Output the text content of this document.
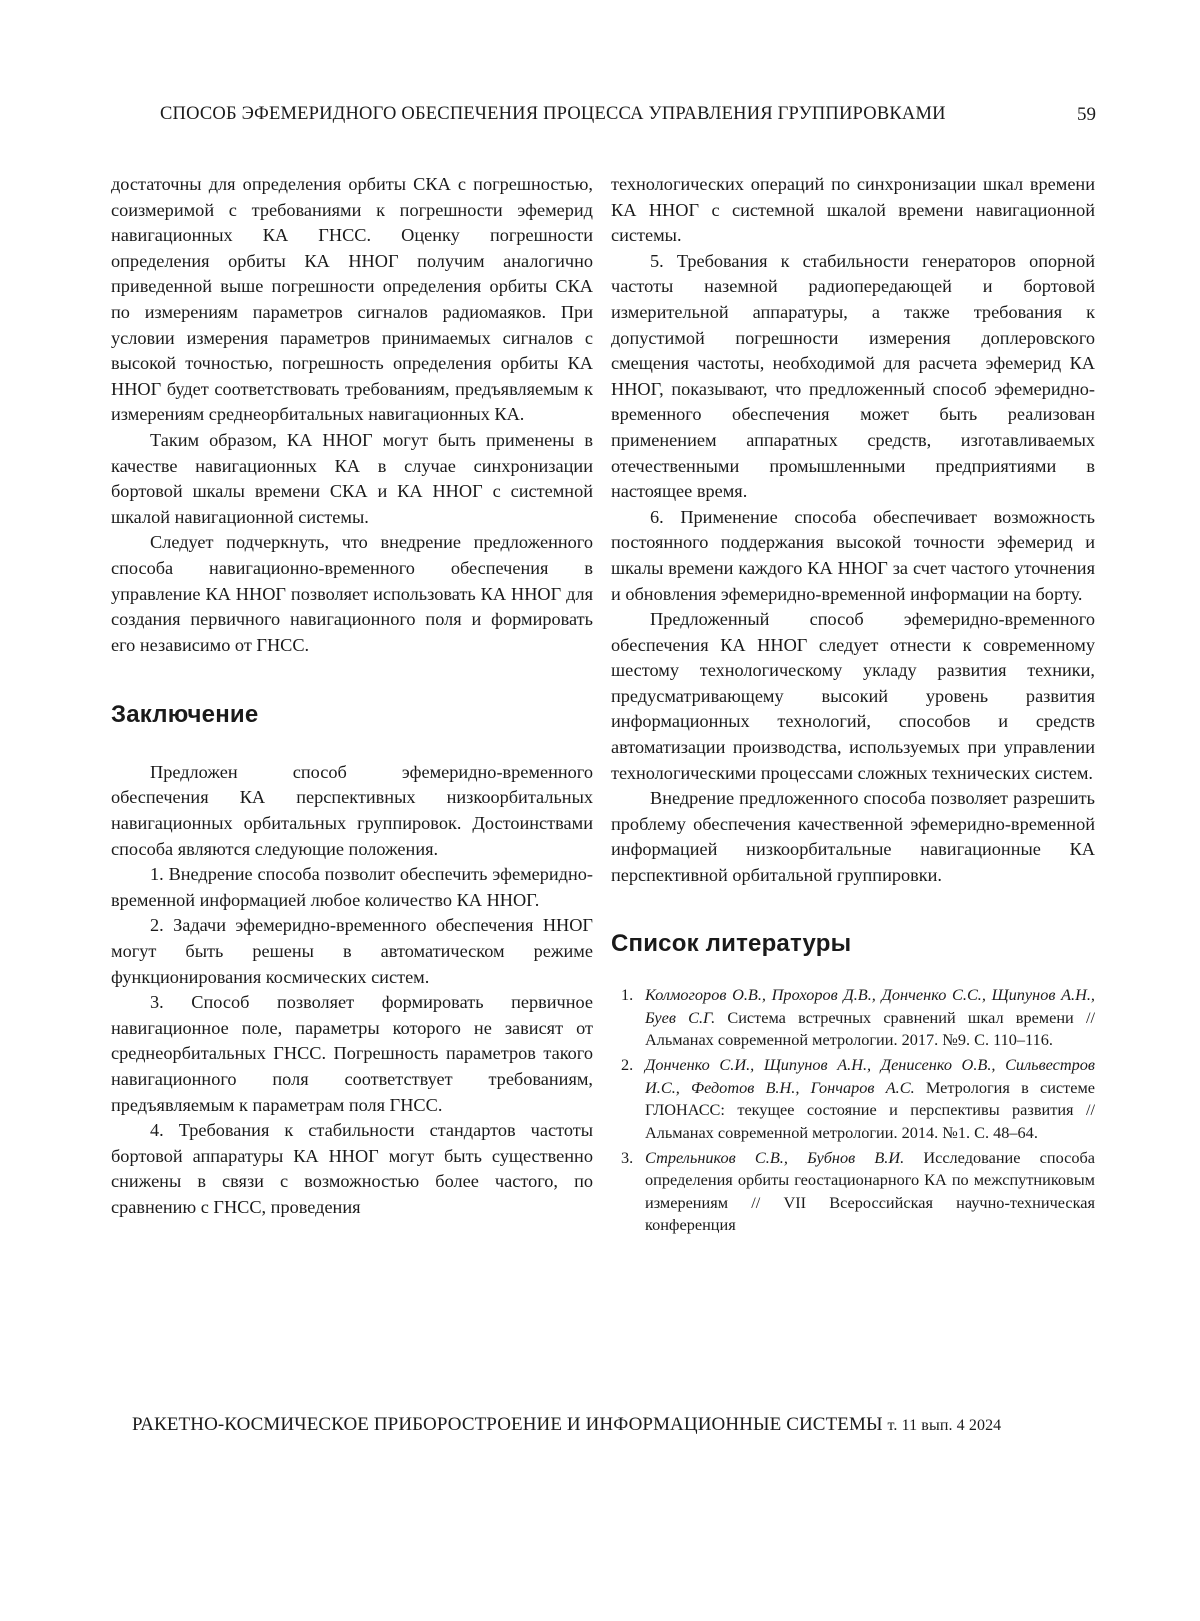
СПОСОБ ЭФЕМЕРИДНОГО ОБЕСПЕЧЕНИЯ ПРОЦЕССА УПРАВЛЕНИЯ ГРУППИРОВКАМИ	59

достаточны для определения орбиты СКА с погрешностью, соизмеримой с требованиями к погрешности эфемерид навигационных КА ГНСС. Оценку погрешности определения орбиты КА ННОГ получим аналогично приведенной выше погрешности определения орбиты СКА по измерениям параметров сигналов радиомаяков. При условии измерения параметров принимаемых сигналов с высокой точностью, погрешность определения орбиты КА ННОГ будет соответствовать требованиям, предъявляемым к измерениям среднеорбитальных навигационных КА.

Таким образом, КА ННОГ могут быть применены в качестве навигационных КА в случае синхронизации бортовой шкалы времени СКА и КА ННОГ с системной шкалой навигационной системы.

Следует подчеркнуть, что внедрение предложенного способа навигационно-временного обеспечения в управление КА ННОГ позволяет использовать КА ННОГ для создания первичного навигационного поля и формировать его независимо от ГНСС.

Заключение

Предложен способ эфемеридно-временного обеспечения КА перспективных низкоорбитальных навигационных орбитальных группировок. Достоинствами способа являются следующие положения.

1. Внедрение способа позволит обеспечить эфемеридно-временной информацией любое количество КА ННОГ.

2. Задачи эфемеридно-временного обеспечения ННОГ могут быть решены в автоматическом режиме функционирования космических систем.

3. Способ позволяет формировать первичное навигационное поле, параметры которого не зависят от среднеорбитальных ГНСС. Погрешность параметров такого навигационного поля соответствует требованиям, предъявляемым к параметрам поля ГНСС.

4. Требования к стабильности стандартов частоты бортовой аппаратуры КА ННОГ могут быть существенно снижены в связи с возможностью более частого, по сравнению с ГНСС, проведения

технологических операций по синхронизации шкал времени КА ННОГ с системной шкалой времени навигационной системы.

5. Требования к стабильности генераторов опорной частоты наземной радиопередающей и бортовой измерительной аппаратуры, а также требования к допустимой погрешности измерения доплеровского смещения частоты, необходимой для расчета эфемерид КА ННОГ, показывают, что предложенный способ эфемеридно-временного обеспечения может быть реализован применением аппаратных средств, изготавливаемых отечественными промышленными предприятиями в настоящее время.

6. Применение способа обеспечивает возможность постоянного поддержания высокой точности эфемерид и шкалы времени каждого КА ННОГ за счет частого уточнения и обновления эфемеридно-временной информации на борту.

Предложенный способ эфемеридно-временного обеспечения КА ННОГ следует отнести к современному шестому технологическому укладу развития техники, предусматривающему высокий уровень развития информационных технологий, способов и средств автоматизации производства, используемых при управлении технологическими процессами сложных технических систем.

Внедрение предложенного способа позволяет разрешить проблему обеспечения качественной эфемеридно-временной информацией низкоорбитальные навигационные КА перспективной орбитальной группировки.

Список литературы
1. Колмогоров О.В., Прохоров Д.В., Донченко С.С., Щипунов А.Н., Буев С.Г. Система встречных сравнений шкал времени // Альманах современной метрологии. 2017. №9. С. 110–116.
2. Донченко С.И., Щипунов А.Н., Денисенко О.В., Сильвестров И.С., Федотов В.Н., Гончаров А.С. Метрология в системе ГЛОНАСС: текущее состояние и перспективы развития // Альманах современной метрологии. 2014. №1. С. 48–64.
3. Стрельников С.В., Бубнов В.И. Исследование способа определения орбиты геостационарного КА по межспутниковым измерениям // VII Всероссийская научно-техническая конференция
РАКЕТНО-КОСМИЧЕСКОЕ ПРИБОРОСТРОЕНИЕ И ИНФОРМАЦИОННЫЕ СИСТЕМЫ т. 11 вып. 4 2024
